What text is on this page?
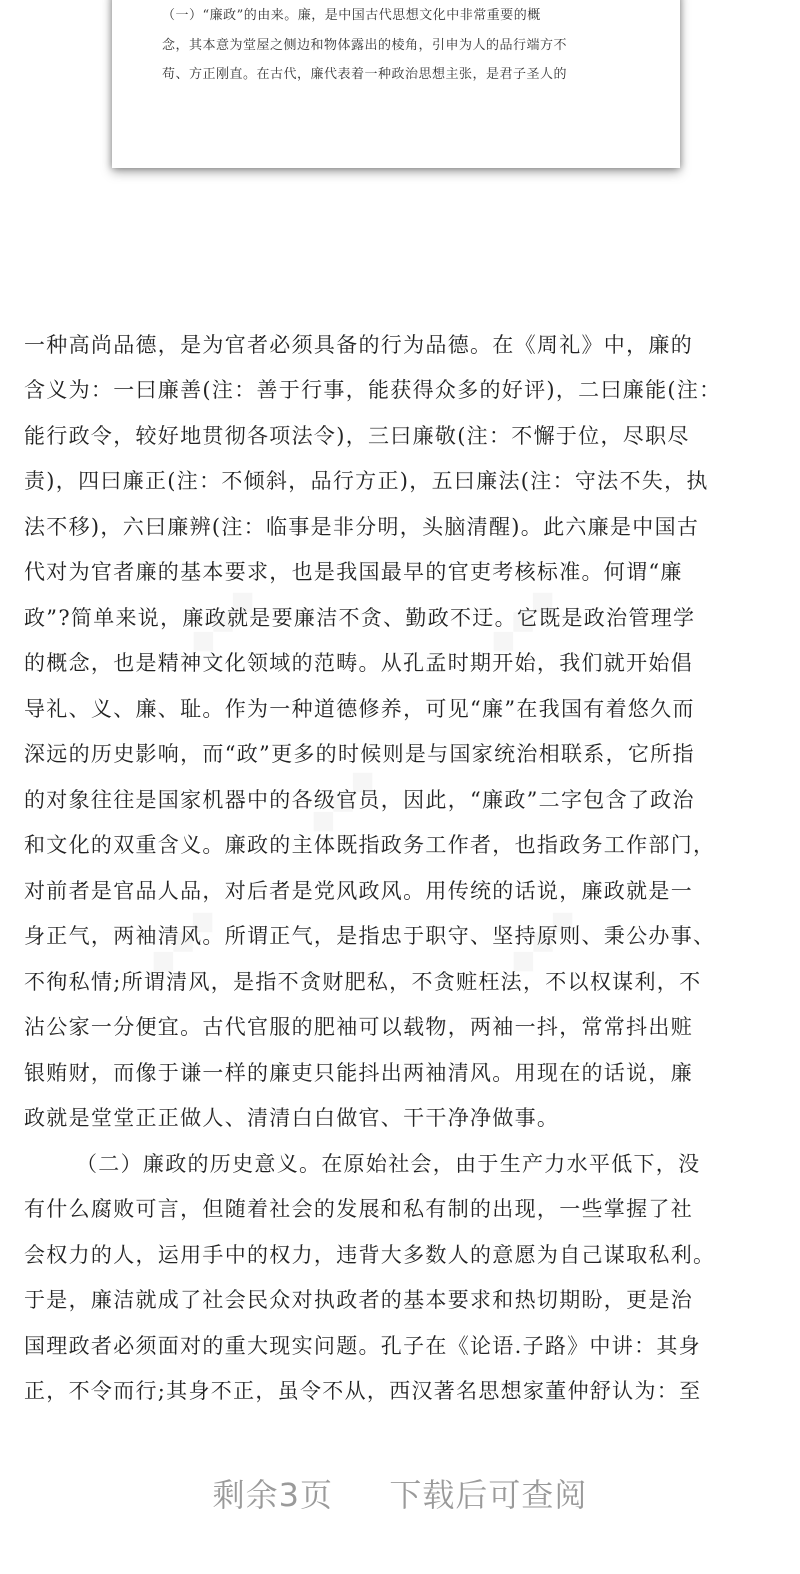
（一）“廉政”的由来。廉，是中国古代思想文化中非常重要的概
念，其本意为堂屋之侧边和物体露出的棱角，引申为人的品行端方不
苟、方正刚直。在古代，廉代表着一种政治思想主张，是君子圣人的
一种高尚品德，是为官者必须具备的行为品德。在《周礼》中，廉的
含义为：一曰廉善(注：善于行事，能获得众多的好评)，二曰廉能(注：
能行政令，较好地贯彻各项法令)，三曰廉敬(注：不懈于位，尽职尽
责)，四曰廉正(注：不倾斜，品行方正)，五曰廉法(注：守法不失，执
法不移)，六曰廉辨(注：临事是非分明，头脑清醒)。此六廉是中国古
代对为官者廉的基本要求，也是我国最早的官吏考核标准。何谓“廉
政”?简单来说，廉政就是要廉洁不贪、勤政不迂。它既是政治管理学
的概念，也是精神文化领域的范畴。从孔孟时期开始，我们就开始倡
导礼、义、廉、耻。作为一种道德修养，可见“廉”在我国有着悠久而
深远的历史影响，而“政”更多的时候则是与国家统治相联系，它所指
的对象往往是国家机器中的各级官员，因此，“廉政”二字包含了政治
和文化的双重含义。廉政的主体既指政务工作者，也指政务工作部门，
对前者是官品人品，对后者是党风政风。用传统的话说，廉政就是一
身正气，两袖清风。所谓正气，是指忠于职守、坚持原则、秉公办事、
不徇私情;所谓清风，是指不贪财肥私，不贪赃枉法，不以权谋利，不
沾公家一分便宜。古代官服的肥袖可以载物，两袖一抖，常常抖出赃
银贿财，而像于谦一样的廉吏只能抖出两袖清风。用现在的话说，廉
政就是堂堂正正做人、清清白白做官、干干净净做事。
（二）廉政的历史意义。在原始社会，由于生产力水平低下，没
有什么腐败可言，但随着社会的发展和私有制的出现，一些掌握了社
会权力的人，运用手中的权力，违背大多数人的意愿为自己谋取私利。
于是，廉洁就成了社会民众对执政者的基本要求和热切期盼，更是治
国理政者必须面对的重大现实问题。孔子在《论语.子路》中讲：其身
正，不令而行;其身不正，虽令不从，西汉著名思想家董仲舒认为：至
剩余3页 下载后可查阅
